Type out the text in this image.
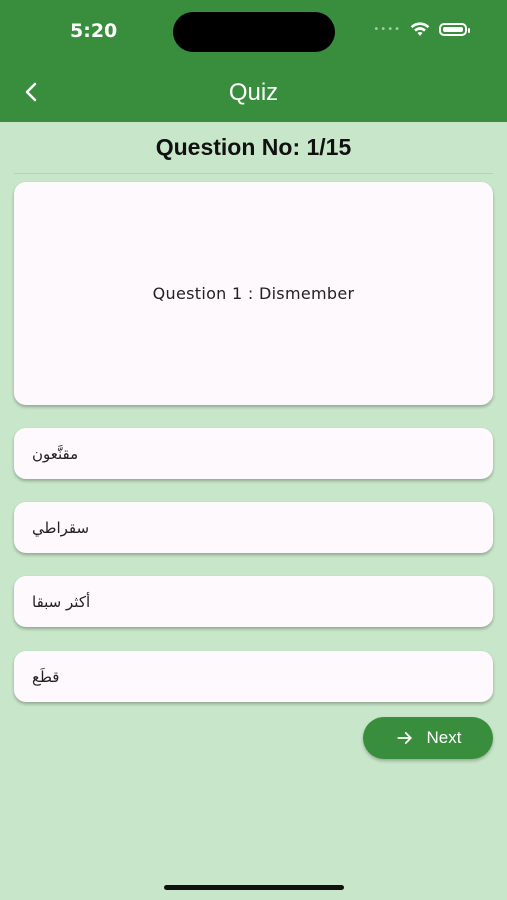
5:20	••••
Quiz
Question No: 1/15
Question 1 : Dismember
مقنَّعون
سقراطي
أكثر سبقا
قطَع
Next
